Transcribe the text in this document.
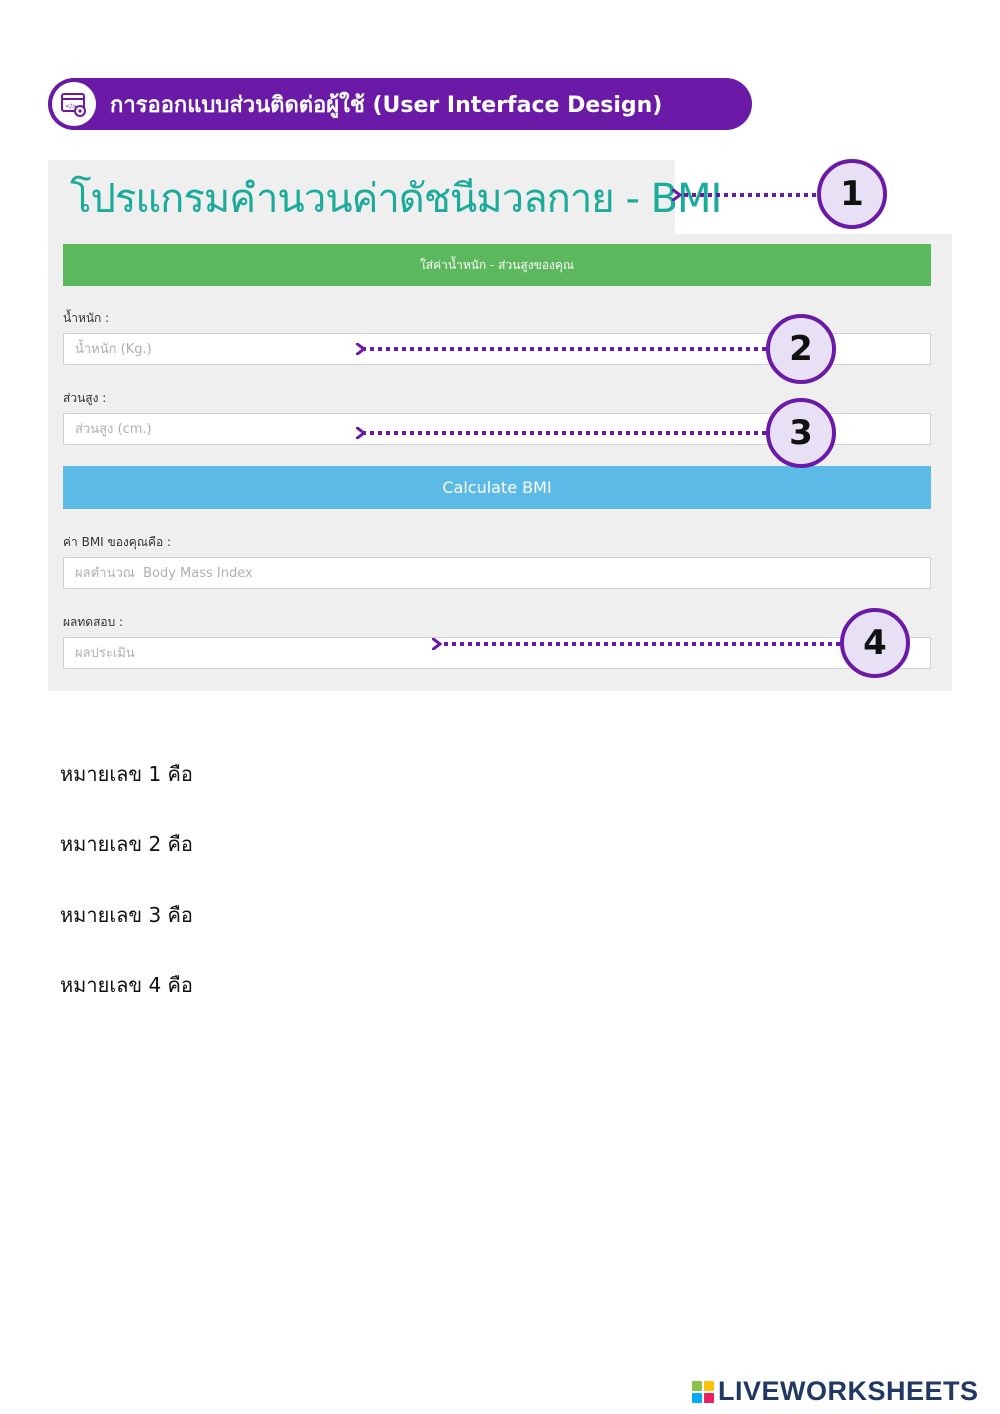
</> การออกแบบส่วนติดต่อผู้ใช้ (User Interface Design)
โปรแกรมคำนวนค่าดัชนีมวลกาย - BMI
ใส่ค่าน้ำหนัก - ส่วนสูงของคุณ
น้ำหนัก :
น้ำหนัก (Kg.)
ส่วนสูง :
ส่วนสูง (cm.)
Calculate BMI
ค่า BMI ของคุณคือ :
ผลคำนวณ Body Mass Index
ผลทดสอบ :
ผลประเมิน
1
2
3
4
หมายเลข 1 คือ
หมายเลข 2 คือ
หมายเลข 3 คือ
หมายเลข 4 คือ
LIVEWORKSHEETS
